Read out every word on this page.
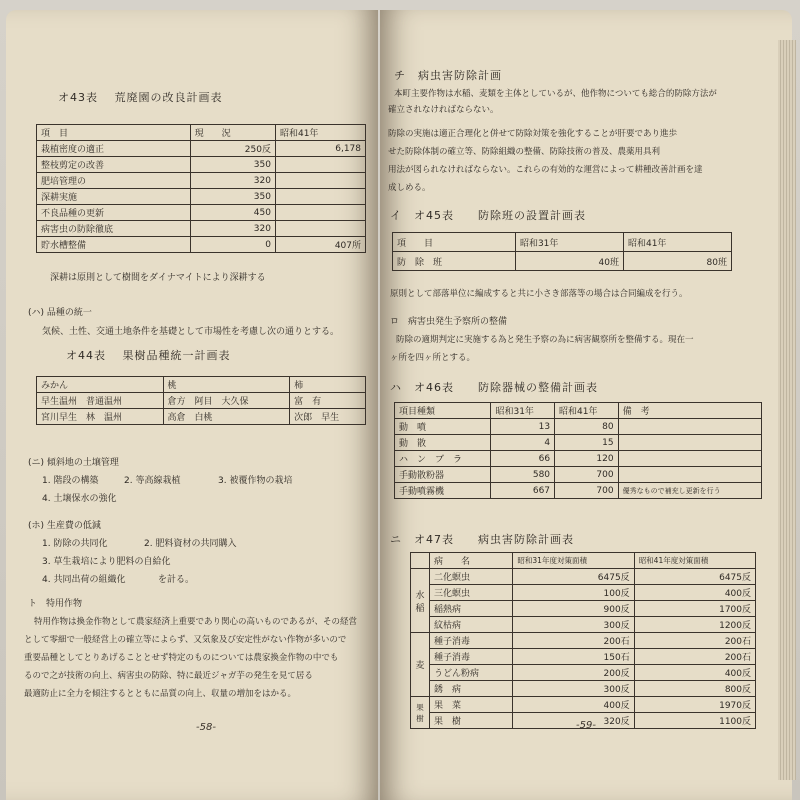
オ43表 　荒廃園の改良計画表
項　目	現　　況	昭和41年
栽植密度の適正	250反	6,178
整枝剪定の改善	350	
肥培管理の	320	
深耕実施	350	
不良品種の更新	450	
病害虫の防除徹底	320	
貯水槽整備	0	407所
深耕は原則として樹間をダイナマイトにより深耕する
(ハ) 品種の統一
気候、土性、交通土地条件を基礎として市場性を考慮し次の通りとする。
オ44表 　果樹品種統一計画表
みかん	桃	柿
早生温州　普通温州	倉方　阿目　大久保	富　有
宮川早生　林　温州	高倉　白桃	次郎　早生
(ニ) 傾斜地の土壌管理
1. 階段の構築	2. 等高線栽植	3. 被覆作物の栽培
4. 土壌保水の強化
(ホ) 生産費の低減
1. 防除の共同化	2. 肥料資材の共同購入
3. 草生栽培により肥料の自給化
4. 共同出荷の組織化	を計る。
ト　特用作物
特用作物は換金作物として農家経済上重要であり関心の高いものであるが、その経営
として零細で一般経営上の確立等によらず、又気象及び安定性がない作物が多いので
重要品種としてとりあげることとせず特定のものについては農家換金作物の中でも
るので之が技術の向上、病害虫の防除、特に最近ジャガ芋の発生を見て居る
最適防止に全力を傾注するとともに品質の向上、収量の増加をはかる。
-58-
チ　病虫害防除計画
本町主要作物は水稲、麦類を主体としているが、他作物についても総合的防除方法が
確立されなければならない。
防除の実施は適正合理化と併せて防除対策を強化することが肝要であり進歩
せた防除体制の確立等、防除組織の整備、防除技術の普及、農薬用具利
用法が図られなければならない。これらの有効的な運営によって耕種改善計画を達
成しめる。
イ　オ45表　　防除班の設置計画表
項　　目	昭和31年	昭和41年
防　除　班	40班	80班
原則として部落単位に編成すると共に小さき部落等の場合は合同編成を行う。
ロ　病害虫発生予察所の整備
防除の適期判定に実施する為と発生予察の為に病害観察所を整備する。現在一
ヶ所を四ヶ所とする。
ハ　オ46表　　防除器械の整備計画表
項目種類	昭和31年	昭和41年	備　考
動　噴	13	80	
動　散	4	15	
ハ　ン　ブ　ラ	66	120	
手動散粉器	580	700	
手動噴霧機	667	700	優秀なもので補充し更新を行う
ニ　オ47表　　病虫害防除計画表
	病　　名	昭和31年度対策面積	昭和41年度対策面積
水稲	二化螟虫	6475反	6475反
	三化螟虫	100反	400反
	稲熱病	900反	1700反
	紋枯病	300反	1200反
麦	種子消毒	200石	200石
	種子消毒	150石	200石
	うどん粉病	200反	400反
	銹　病	300反	800反
果樹	果　菜	400反	1970反
	果　樹	320反	1100反
-59-
